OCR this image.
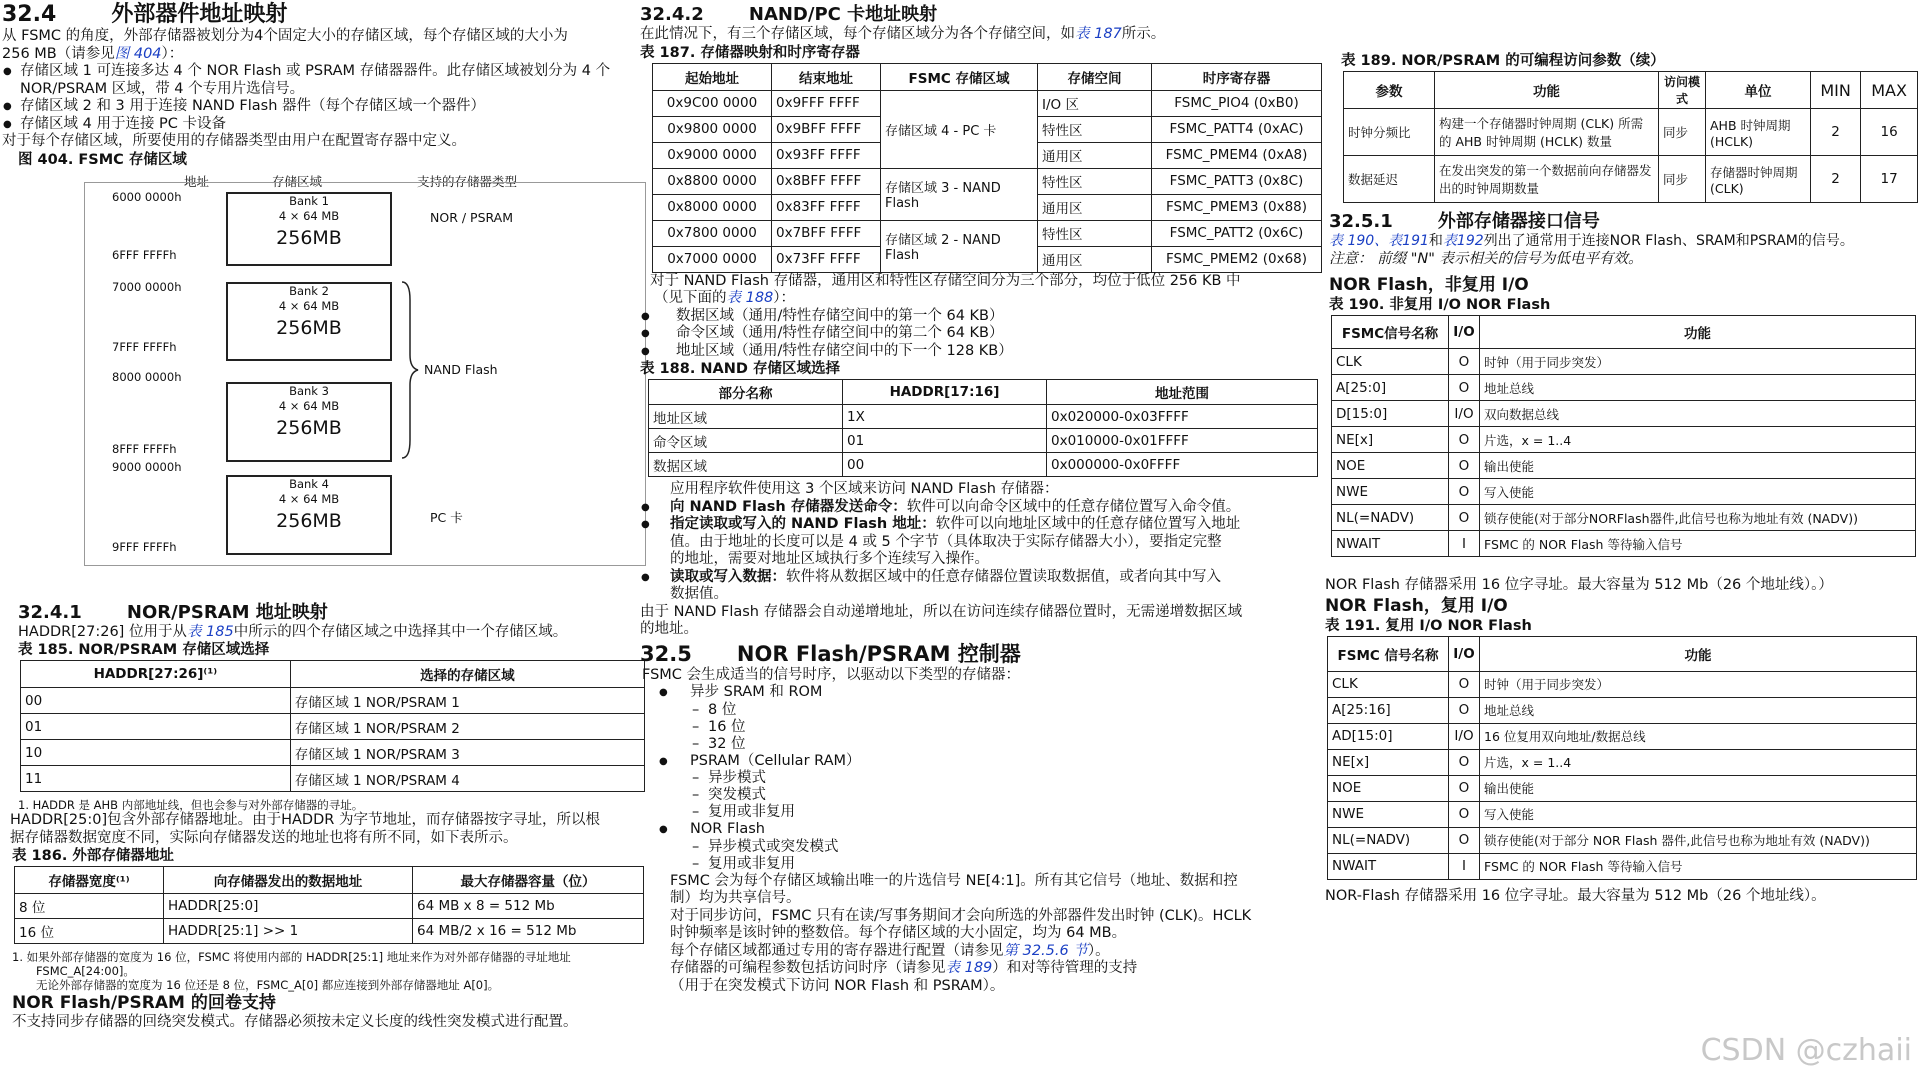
32.4	外部器件地址映射
从 FSMC 的角度，外部存储器被划分为4个固定大小的存储区域，每个存储区域的大小为
256 MB（请参见图 404）：
● 存储区域 1 可连接多达 4 个 NOR Flash 或 PSRAM 存储器器件。此存储区域被划分为 4 个
NOR/PSRAM 区域，带 4 个专用片选信号。
● 存储区域 2 和 3 用于连接 NAND Flash 器件（每个存储区域一个器件）
● 存储区域 4 用于连接 PC 卡设备
对于每个存储区域，所要使用的存储器类型由用户在配置寄存器中定义。
图 404. FSMC 存储区域
地址	存储区域	支持的存储器类型
6000 0000h	Bank 1
4 × 64 MB
256MB
6FFF FFFFh
NOR / PSRAM
7000 0000h	Bank 2
4 × 64 MB
256MB
7FFF FFFFh
8000 0000h
Bank 3
4 × 64 MB
256MB
8FFF FFFFh
NAND Flash
9000 0000h
Bank 4
4 × 64 MB
256MB
9FFF FFFFh
PC 卡
32.4.1	NOR/PSRAM 地址映射
HADDR[27:26] 位用于从表 185中所示的四个存储区域之中选择其中一个存储区域。
表 185. NOR/PSRAM 存储区域选择
HADDR[27:26]⁽¹⁾	选择的存储区域
00	存储区域 1 NOR/PSRAM 1
01	存储区域 1 NOR/PSRAM 2
10	存储区域 1 NOR/PSRAM 3
11	存储区域 1 NOR/PSRAM 4
1. HADDR 是 AHB 内部地址线，但也会参与对外部存储器的寻址。
HADDR[25:0]包含外部存储器地址。由于HADDR 为字节地址，而存储器按字寻址，所以根
据存储器数据宽度不同，实际向存储器发送的地址也将有所不同，如下表所示。
表 186. 外部存储器地址
存储器宽度⁽¹⁾	向存储器发出的数据地址	最大存储器容量（位）
8 位	HADDR[25:0]	64 MB x 8 = 512 Mb
16 位	HADDR[25:1] >> 1	64 MB/2 x 16 = 512 Mb
1. 如果外部存储器的宽度为 16 位，FSMC 将使用内部的 HADDR[25:1] 地址来作为对外部存储器的寻址地址
FSMC_A[24:00]。
无论外部存储器的宽度为 16 位还是 8 位，FSMC_A[0] 都应连接到外部存储器地址 A[0]。
NOR Flash/PSRAM 的回卷支持
不支持同步存储器的回绕突发模式。存储器必须按未定义长度的线性突发模式进行配置。
32.4.2	NAND/PC 卡地址映射
在此情况下，有三个存储区域，每个存储区域分为各个存储空间，如表 187所示。
表 187. 存储器映射和时序寄存器
起始地址	结束地址	FSMC 存储区域	存储空间	时序寄存器
0x9C00 0000	0x9FFF FFFF	存储区域 4 - PC 卡	I/O 区	FSMC_PIO4 (0xB0)
0x9800 0000	0x9BFF FFFF		特性区	FSMC_PATT4 (0xAC)
0x9000 0000	0x93FF FFFF		通用区	FSMC_PMEM4 (0xA8)
0x8800 0000	0x8BFF FFFF	存储区域 3 - NAND Flash	特性区	FSMC_PATT3 (0x8C)
0x8000 0000	0x83FF FFFF		通用区	FSMC_PMEM3 (0x88)
0x7800 0000	0x7BFF FFFF	存储区域 2 - NAND Flash	特性区	FSMC_PATT2 (0x6C)
0x7000 0000	0x73FF FFFF		通用区	FSMC_PMEM2 (0x68)
对于 NAND Flash 存储器，通用区和特性区存储空间分为三个部分，均位于低位 256 KB 中
（见下面的表 188）：
● 数据区域（通用/特性存储空间中的第一个 64 KB）
● 命令区域（通用/特性存储空间中的第二个 64 KB）
● 地址区域（通用/特性存储空间中的下一个 128 KB）
表 188. NAND 存储区域选择
部分名称	HADDR[17:16]	地址范围
地址区域	1X	0x020000-0x03FFFF
命令区域	01	0x010000-0x01FFFF
数据区域	00	0x000000-0x0FFFF
应用程序软件使用这 3 个区域来访问 NAND Flash 存储器：
● 向 NAND Flash 存储器发送命令：软件可以向命令区域中的任意存储位置写入命令值。
● 指定读取或写入的 NAND Flash 地址：软件可以向地址区域中的任意存储位置写入地址
值。由于地址的长度可以是 4 或 5 个字节（具体取决于实际存储器大小），要指定完整
的地址，需要对地址区域执行多个连续写入操作。
● 读取或写入数据：软件将从数据区域中的任意存储器位置读取数据值，或者向其中写入
数据值。
由于 NAND Flash 存储器会自动递增地址，所以在访问连续存储器位置时，无需递增数据区域
的地址。
32.5 NOR Flash/PSRAM 控制器
FSMC 会生成适当的信号时序，以驱动以下类型的存储器：
● 异步 SRAM 和 ROM
– 8 位
– 16 位
– 32 位
● PSRAM（Cellular RAM）
– 异步模式
– 突发模式
– 复用或非复用
● NOR Flash
– 异步模式或突发模式
– 复用或非复用
FSMC 会为每个存储区域输出唯一的片选信号 NE[4:1]。所有其它信号（地址、数据和控
制）均为共享信号。
对于同步访问，FSMC 只有在读/写事务期间才会向所选的外部器件发出时钟 (CLK)。HCLK
时钟频率是该时钟的整数倍。每个存储区域的大小固定，均为 64 MB。
每个存储区域都通过专用的寄存器进行配置（请参见第 32.5.6 节）。
存储器的可编程参数包括访问时序（请参见表 189）和对等待管理的支持
（用于在突发模式下访问 NOR Flash 和 PSRAM）。
表 189. NOR/PSRAM 的可编程访问参数（续）
参数	功能	访问模式	单位	MIN	MAX
时钟分频比	构建一个存储器时钟周期 (CLK) 所需的 AHB 时钟周期 (HCLK) 数量	同步	AHB 时钟周期 (HCLK)	2	16
数据延迟	在发出突发的第一个数据前向存储器发出的时钟周期数量	同步	存储器时钟周期 (CLK)	2	17
32.5.1	外部存储器接口信号
表 190、表191和表192列出了通常用于连接NOR Flash、SRAM和PSRAM的信号。
注意： 前缀 "N" 表示相关的信号为低电平有效。
NOR Flash，非复用 I/O
表 190. 非复用 I/O NOR Flash
FSMC信号名称	I/O	功能
CLK	O	时钟（用于同步突发）
A[25:0]	O	地址总线
D[15:0]	I/O	双向数据总线
NE[x]	O	片选，x = 1..4
NOE	O	输出使能
NWE	O	写入使能
NL(=NADV)	O	锁存使能(对于部分NORFlash器件,此信号也称为地址有效 (NADV))
NWAIT	I	FSMC 的 NOR Flash 等待输入信号
NOR Flash 存储器采用 16 位字寻址。最大容量为 512 Mb（26 个地址线）。）
NOR Flash，复用 I/O
表 191. 复用 I/O NOR Flash
FSMC 信号名称	I/O	功能
CLK	O	时钟（用于同步突发）
A[25:16]	O	地址总线
AD[15:0]	I/O	16 位复用双向地址/数据总线
NE[x]	O	片选，x = 1..4
NOE	O	输出使能
NWE	O	写入使能
NL(=NADV)	O	锁存使能(对于部分 NOR Flash 器件,此信号也称为地址有效 (NADV))
NWAIT	I	FSMC 的 NOR Flash 等待输入信号
NOR-Flash 存储器采用 16 位字寻址。最大容量为 512 Mb（26 个地址线）。
CSDN @czhaii
